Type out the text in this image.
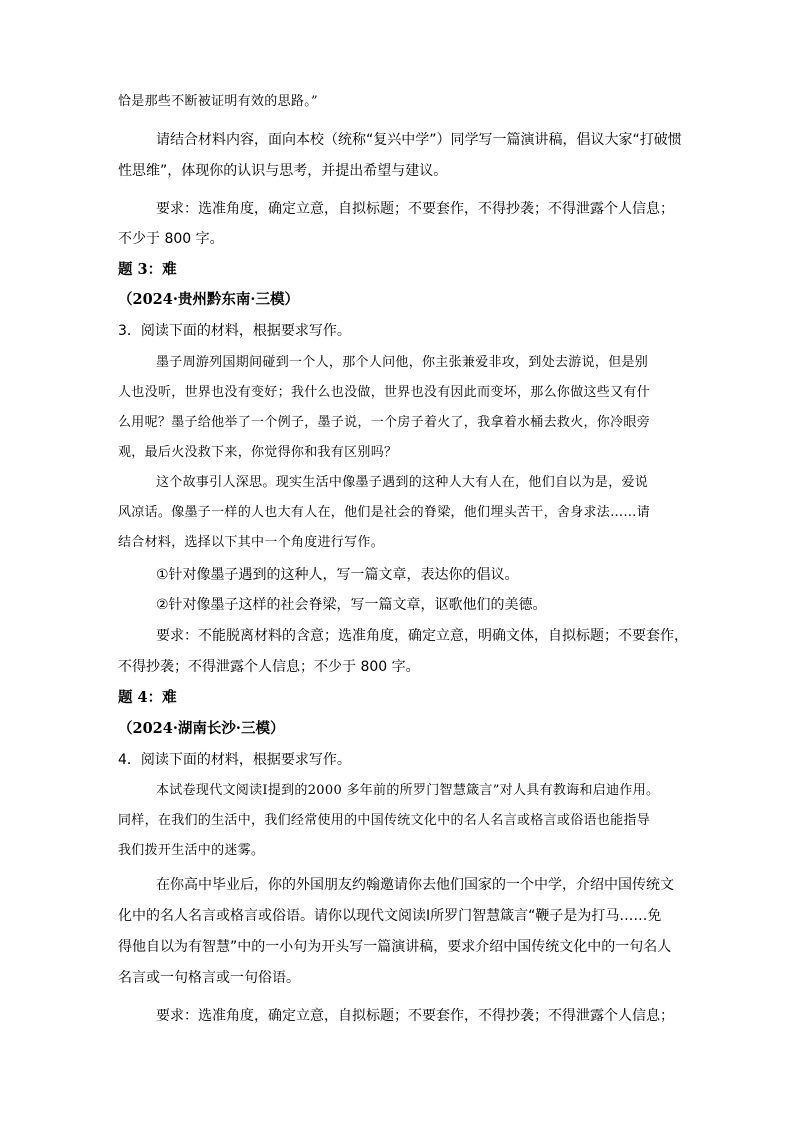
恰是那些不断被证明有效的思路。”

请结合材料内容，面向本校（统称“复兴中学”）同学写一篇演讲稿，倡议大家“打破惯

性思维”，体现你的认识与思考，并提出希望与建议。

要求：选准角度，确定立意，自拟标题；不要套作，不得抄袭；不得泄露个人信息；

不少于 800 字。

题 3：难

（2024·贵州黔东南·三模）

3．阅读下面的材料，根据要求写作。

墨子周游列国期间碰到一个人，那个人问他，你主张兼爱非攻，到处去游说，但是别

人也没听，世界也没有变好；我什么也没做，世界也没有因此而变坏，那么你做这些又有什

么用呢？墨子给他举了一个例子，墨子说，一个房子着火了，我拿着水桶去救火，你冷眼旁

观，最后火没救下来，你觉得你和我有区别吗？

这个故事引人深思。现实生活中像墨子遇到的这种人大有人在，他们自以为是，爱说

风凉话。像墨子一样的人也大有人在，他们是社会的脊梁，他们埋头苦干，舍身求法……请

结合材料，选择以下其中一个角度进行写作。

①针对像墨子遇到的这种人，写一篇文章，表达你的倡议。

②针对像墨子这样的社会脊梁，写一篇文章，讴歌他们的美德。

要求：不能脱离材料的含意；选准角度，确定立意，明确文体，自拟标题；不要套作，

不得抄袭；不得泄露个人信息；不少于 800 字。

题 4：难

（2024·湖南长沙·三模）

4．阅读下面的材料，根据要求写作。

本试卷现代文阅读Ⅰ提到的2000 多年前的所罗门智慧箴言”对人具有教诲和启迪作用。

同样，在我们的生活中，我们经常使用的中国传统文化中的名人名言或格言或俗语也能指导

我们拨开生活中的迷雾。

在你高中毕业后，你的外国朋友约翰邀请你去他们国家的一个中学，介绍中国传统文

化中的名人名言或格言或俗语。请你以现代文阅读Ⅰ所罗门智慧箴言“鞭子是为打马……免

得他自以为有智慧”中的一小句为开头写一篇演讲稿，要求介绍中国传统文化中的一句名人

名言或一句格言或一句俗语。

要求：选准角度，确定立意，自拟标题；不要套作，不得抄袭；不得泄露个人信息；
